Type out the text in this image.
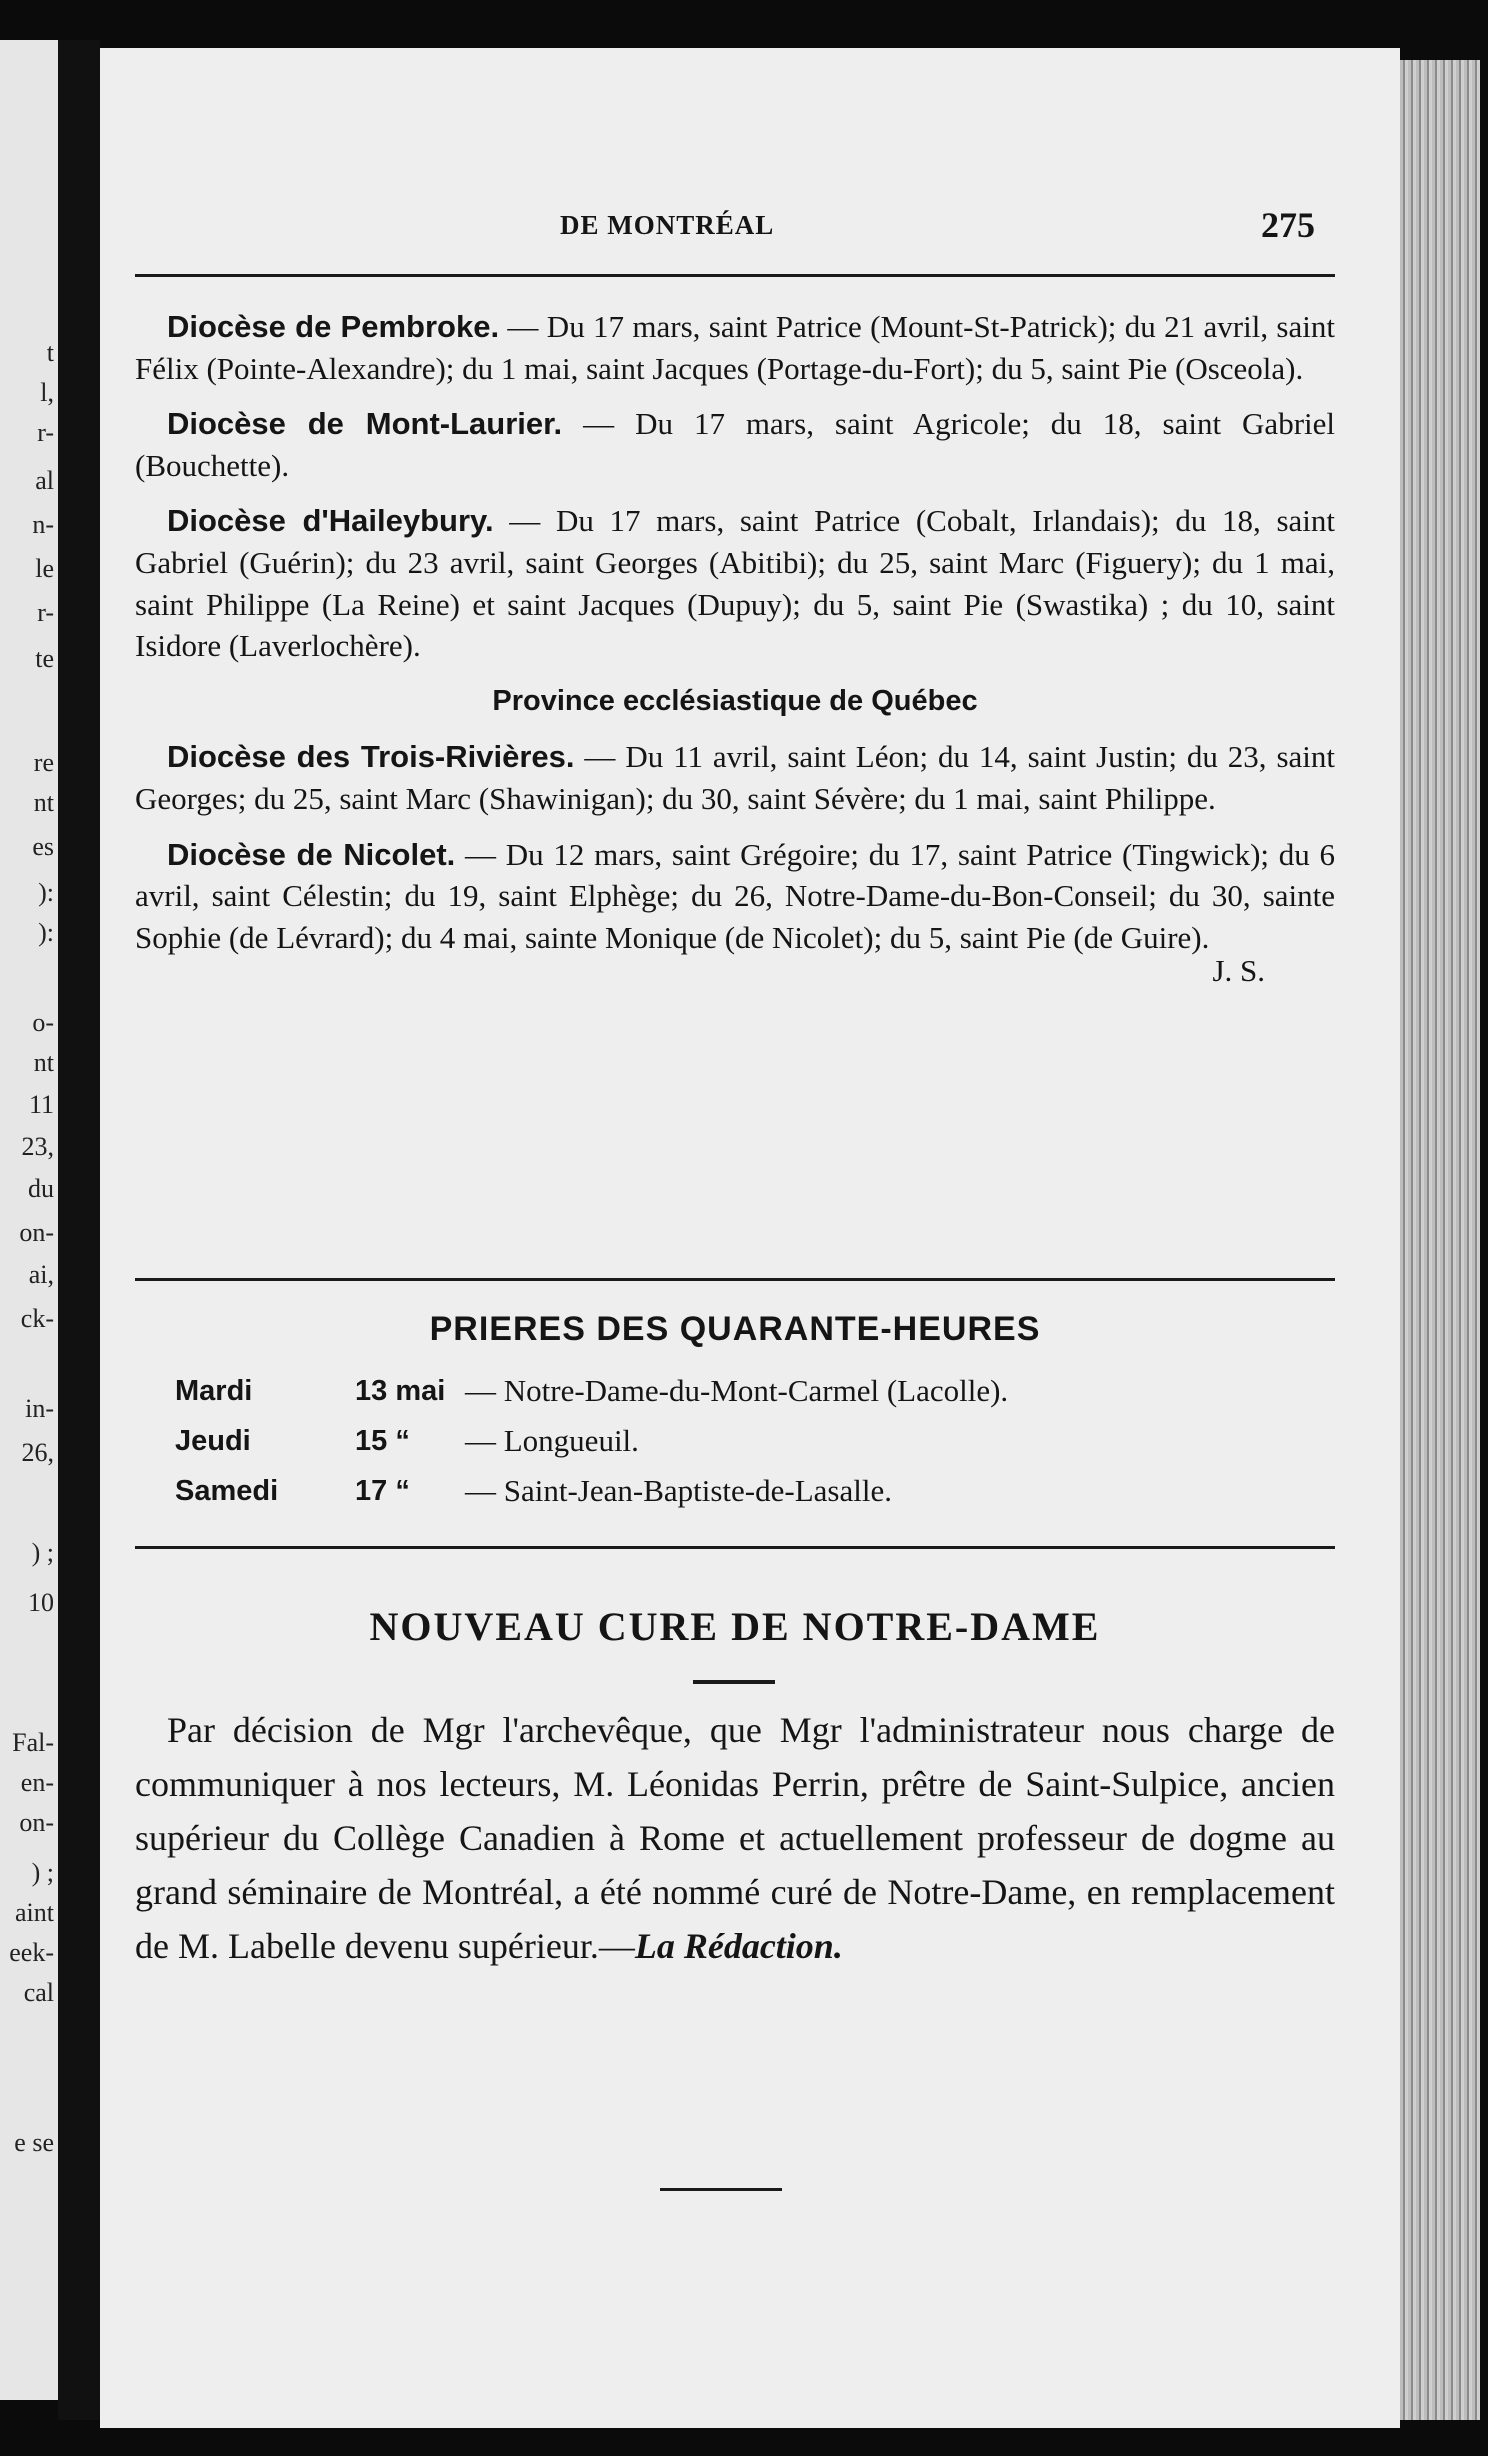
t
l,
r-
al
n-
le
r-
te
re
nt
es
):
):
o-
nt
11
23,
du
on-
ai,
ck-
in-
26,
) ;
10
Fal-
en-
on-
) ;
aint
eek-
cal
e se
DE MONTRÉAL	275

Diocèse de Pembroke. — Du 17 mars, saint Patrice (Mount-St-Patrick); du 21 avril, saint Félix (Pointe-Alexandre); du 1 mai, saint Jacques (Portage-du-Fort); du 5, saint Pie (Osceola).

Diocèse de Mont-Laurier. — Du 17 mars, saint Agricole; du 18, saint Gabriel (Bouchette).

Diocèse d'Haileybury. — Du 17 mars, saint Patrice (Cobalt, Irlandais); du 18, saint Gabriel (Guérin); du 23 avril, saint Georges (Abitibi); du 25, saint Marc (Figuery); du 1 mai, saint Philippe (La Reine) et saint Jacques (Dupuy); du 5, saint Pie (Swastika) ; du 10, saint Isidore (Laverlochère).

Province ecclésiastique de Québec

Diocèse des Trois-Rivières. — Du 11 avril, saint Léon; du 14, saint Justin; du 23, saint Georges; du 25, saint Marc (Shawinigan); du 30, saint Sévère; du 1 mai, saint Philippe.

Diocèse de Nicolet. — Du 12 mars, saint Grégoire; du 17, saint Patrice (Tingwick); du 6 avril, saint Célestin; du 19, saint Elphège; du 26, Notre-Dame-du-Bon-Conseil; du 30, sainte Sophie (de Lévrard); du 4 mai, sainte Monique (de Nicolet); du 5, saint Pie (de Guire).

J. S.

PRIERES DES QUARANTE-HEURES
Mardi	13 mai — Notre-Dame-du-Mont-Carmel (Lacolle).
Jeudi	15 “	— Longueuil.
Samedi	17 “	— Saint-Jean-Baptiste-de-Lasalle.
NOUVEAU CURE DE NOTRE-DAME

Par décision de Mgr l'archevêque, que Mgr l'administrateur nous charge de communiquer à nos lecteurs, M. Léonidas Perrin, prêtre de Saint-Sulpice, ancien supérieur du Collège Canadien à Rome et actuellement professeur de dogme au grand séminaire de Montréal, a été nommé curé de Notre-Dame, en remplacement de M. Labelle devenu supérieur.—La Rédaction.
